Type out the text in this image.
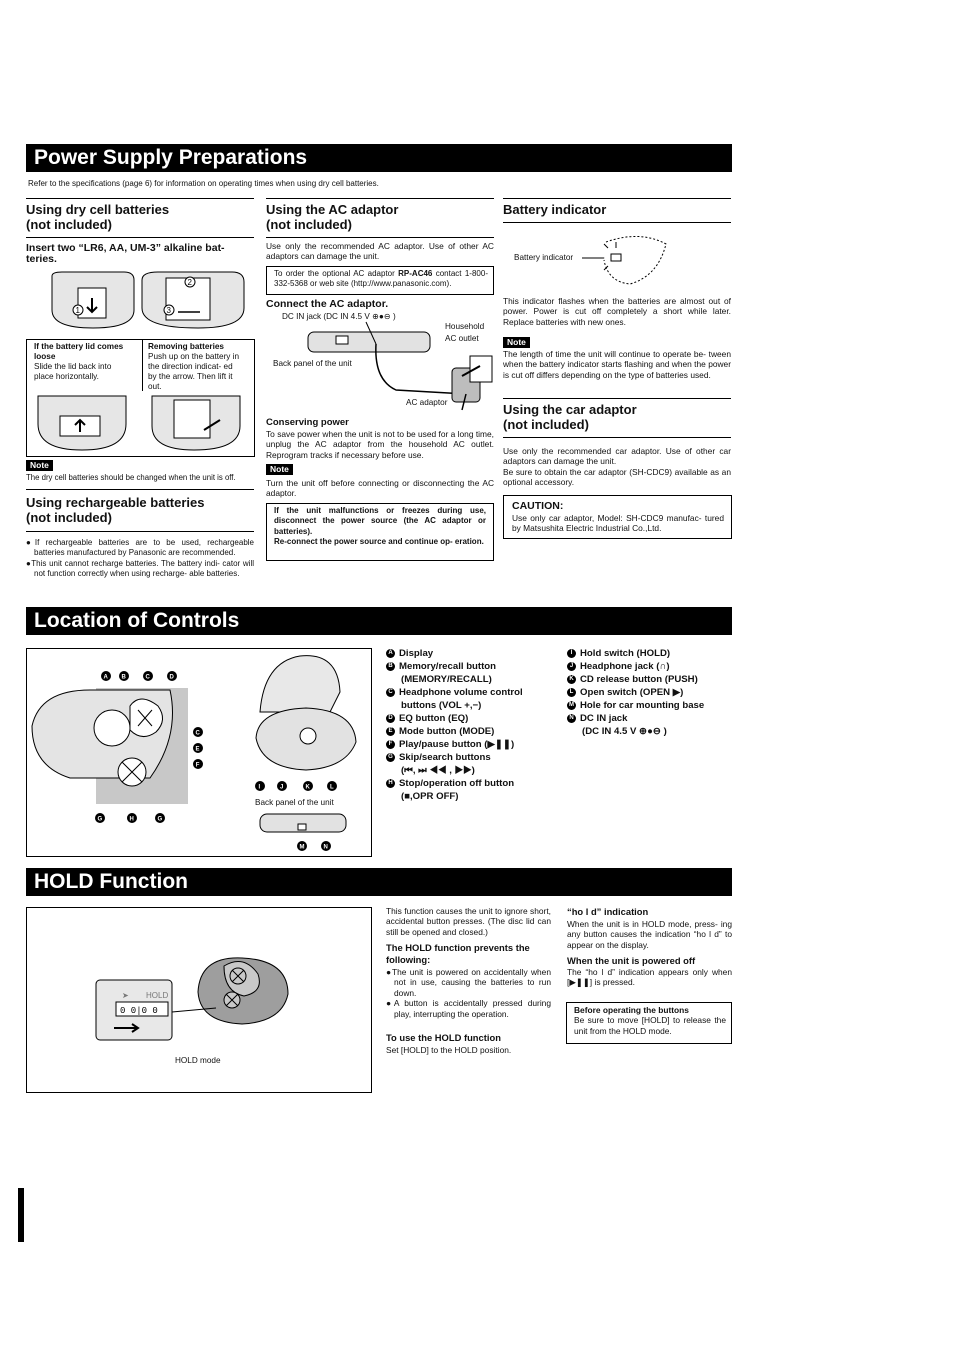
Power Supply Preparations
Refer to the specifications (page 6) for information on operating times when using dry cell batteries.
Using dry cell batteries
(not included)
Insert two “LR6, AA, UM-3” alkaline bat-
teries.
1
2
3
If the battery lid comes loose
Slide the lid back into place horizontally.
Removing batteries
Push up on the battery in the direction indicat- ed by the arrow. Then lift it out.
Note
The dry cell batteries should be changed when the unit is off.
Using rechargeable batteries
(not included)
●If rechargeable batteries are to be used, rechargeable batteries manufactured by Panasonic are recommended.
●This unit cannot recharge batteries. The battery indi- cator will not function correctly when using recharge- able batteries.
Using the AC adaptor
(not included)
Use only the recommended AC adaptor. Use of other AC adaptors can damage the unit.
To order the optional AC adaptor RP-AC46 contact 1-800-332-5368 or web site (http://www.panasonic.com).
Connect the AC adaptor.
DC IN jack (DC IN 4.5 V ⊕●⊖ )
Household
AC outlet
Back panel of the unit
AC adaptor
Conserving power
To save power when the unit is not to be used for a long time, unplug the AC adaptor from the household AC outlet. Reprogram tracks if necessary before use.
Note
Turn the unit off before connecting or disconnecting the AC adaptor.
If the unit malfunctions or freezes during use, disconnect the power source (the AC adaptor or batteries).
Re-connect the power source and continue op- eration.
Battery indicator
Battery indicator
This indicator flashes when the batteries are almost out of power. Power is cut off completely a short while later. Replace batteries with new ones.
Note
The length of time the unit will continue to operate be- tween when the battery indicator starts flashing and when the power is cut off differs depending on the type of batteries used.
Using the car adaptor
(not included)
Use only the recommended car adaptor. Use of other car adaptors can damage the unit.
Be sure to obtain the car adaptor (SH-CDC9) available as an optional accessory.
CAUTION:
Use only car adaptor, Model: SH-CDC9 manufac- tured by Matsushita Electric Industrial Co.,Ltd.
Location of Controls
A B	C	D
G	H	G
C
E
F
I	J	K	L
Back panel of the unit
M	N
A Display
B Memory/recall button
(MEMORY/RECALL)
C Headphone volume control
buttons (VOL +,−)
D EQ button (EQ)
E Mode button (MODE)
F Play/pause button (▶❚❚)
G Skip/search buttons
(⏮, ⏭ ◀◀ , ▶▶)
H Stop/operation off button
(■,OPR OFF)
I Hold switch (HOLD)
J Headphone jack (∩)
K CD release button (PUSH)
L Open switch (OPEN ▶)
M Hole for car mounting base
N DC IN jack
(DC IN 4.5 V ⊕●⊖ )
HOLD Function
0 0|0 0
➤ HOLD
HOLD mode
This function causes the unit to ignore short, accidental button presses. (The disc lid can still be opened and closed.)
The HOLD function prevents the following:
●The unit is powered on accidentally when not in use, causing the batteries to run down.
●A button is accidentally pressed during play, interrupting the operation.
To use the HOLD function
Set [HOLD] to the HOLD position.
“ho l d” indication
When the unit is in HOLD mode, press- ing any button causes the indication “ho l d” to appear on the display.
When the unit is powered off
The “ho l d” indication appears only when [▶❚❚] is pressed.
Before operating the buttons
Be sure to move [HOLD] to release the unit from the HOLD mode.
